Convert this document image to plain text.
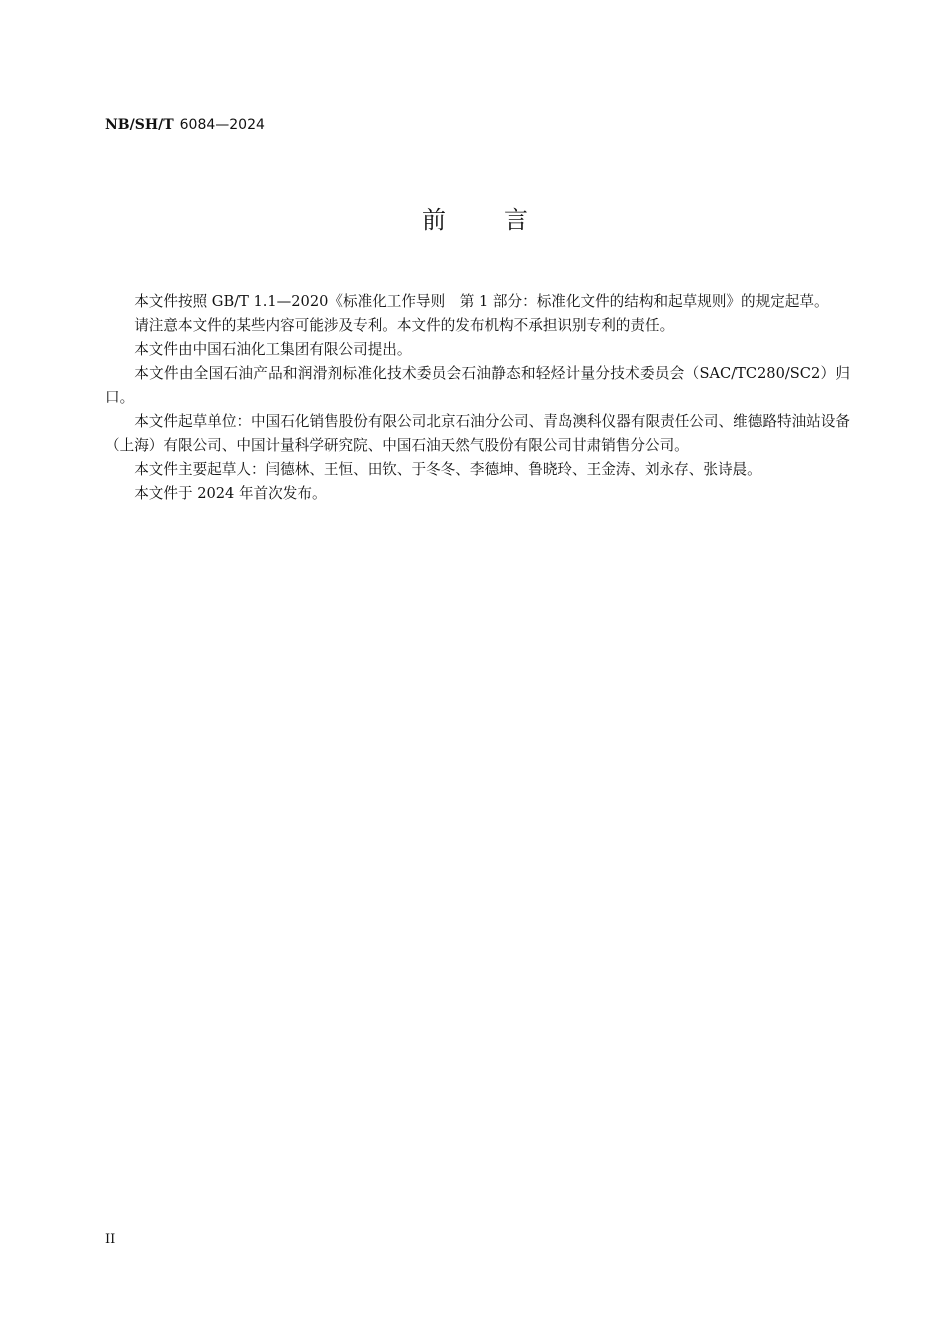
NB/SH/T 6084—2024
前言

本文件按照 GB/T 1.1—2020《标准化工作导则　第 1 部分：标准化文件的结构和起草规则》的规定起草。

请注意本文件的某些内容可能涉及专利。本文件的发布机构不承担识别专利的责任。

本文件由中国石油化工集团有限公司提出。

本文件由全国石油产品和润滑剂标准化技术委员会石油静态和轻烃计量分技术委员会（SAC/TC280/SC2）归口。

本文件起草单位：中国石化销售股份有限公司北京石油分公司、青岛澳科仪器有限责任公司、维德路特油站设备（上海）有限公司、中国计量科学研究院、中国石油天然气股份有限公司甘肃销售分公司。

本文件主要起草人：闫德林、王恒、田钦、于冬冬、李德坤、鲁晓玲、王金涛、刘永存、张诗晨。

本文件于 2024 年首次发布。

II
